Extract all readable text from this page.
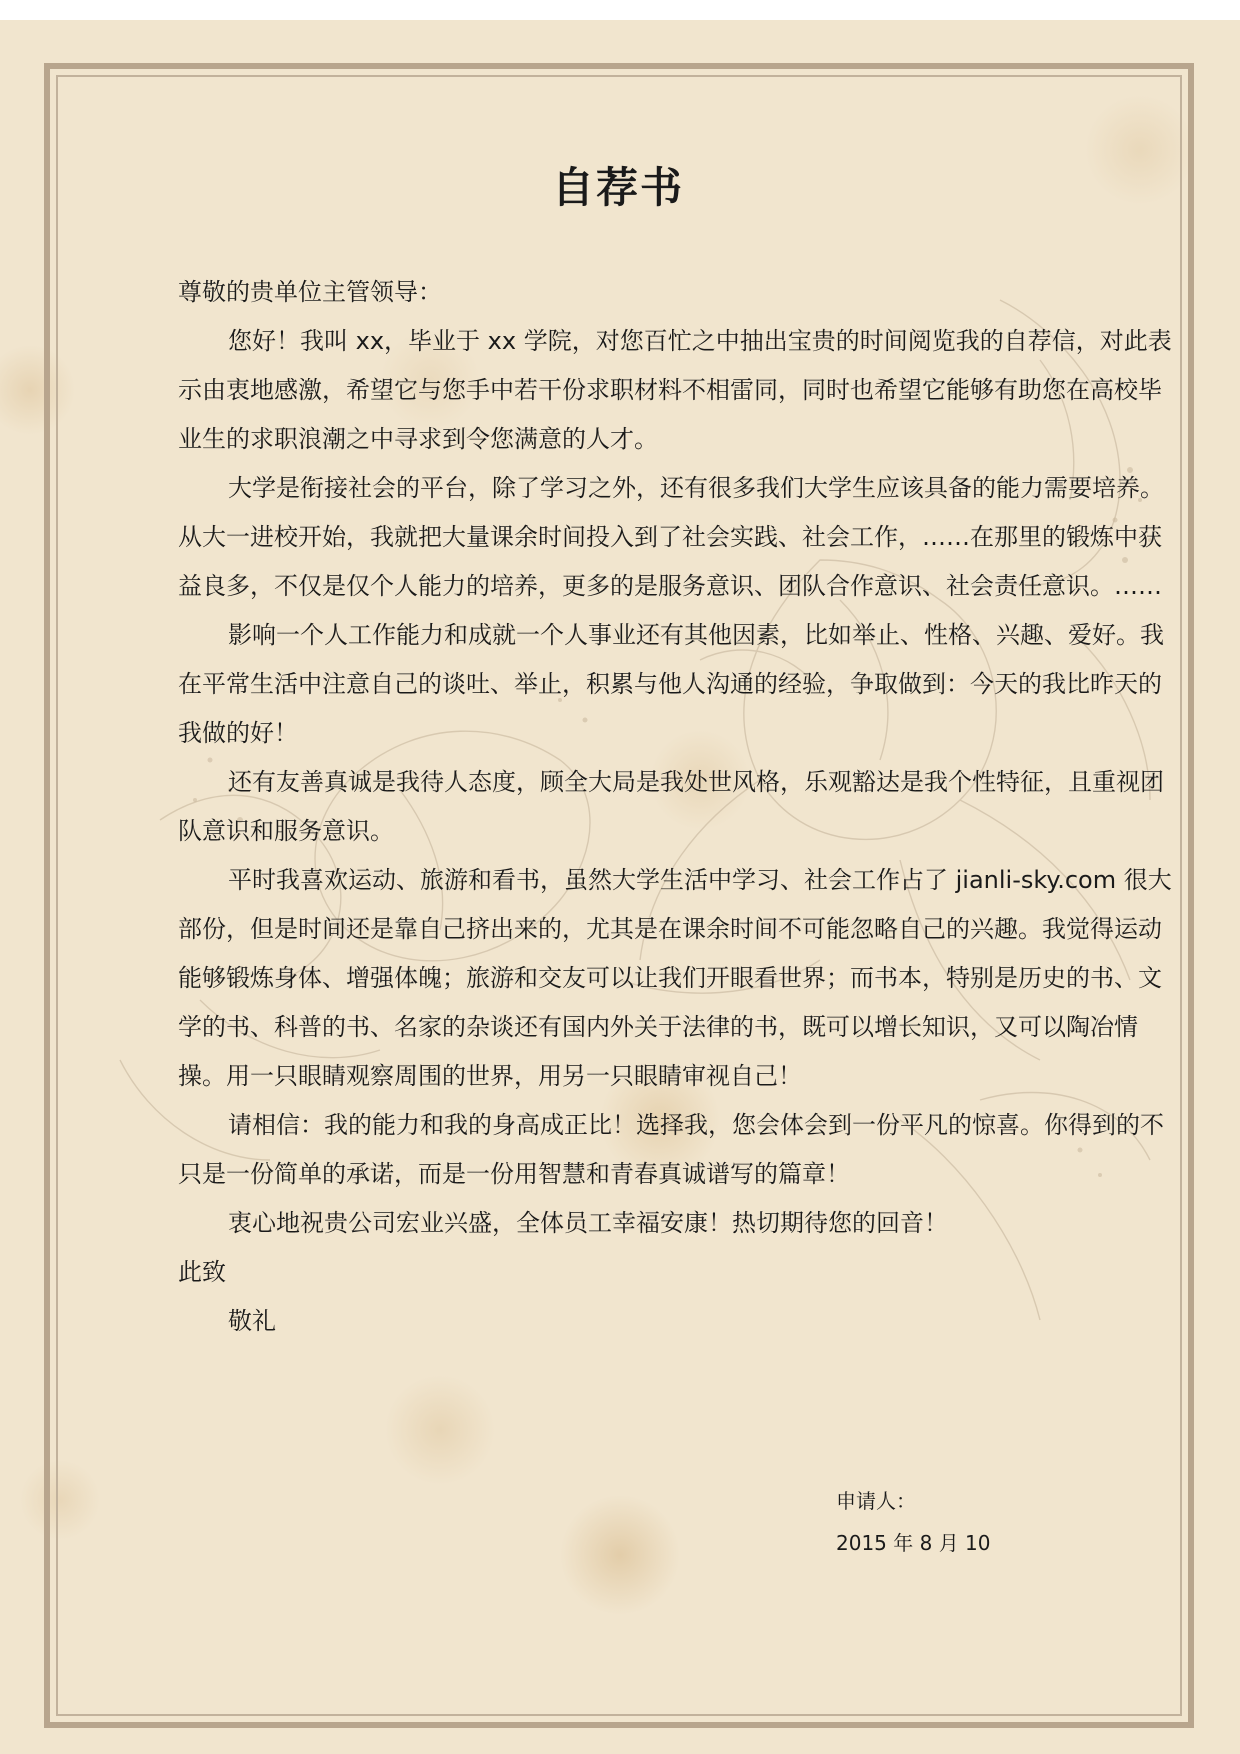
自荐书

尊敬的贵单位主管领导：

您好！我叫 xx，毕业于 xx 学院，对您百忙之中抽出宝贵的时间阅览我的自荐信，对此表示由衷地感激，希望它与您手中若干份求职材料不相雷同，同时也希望它能够有助您在高校毕业生的求职浪潮之中寻求到令您满意的人才。

大学是衔接社会的平台，除了学习之外，还有很多我们大学生应该具备的能力需要培养。从大一进校开始，我就把大量课余时间投入到了社会实践、社会工作，……在那里的锻炼中获益良多，不仅是仅个人能力的培养，更多的是服务意识、团队合作意识、社会责任意识。……

影响一个人工作能力和成就一个人事业还有其他因素，比如举止、性格、兴趣、爱好。我在平常生活中注意自己的谈吐、举止，积累与他人沟通的经验，争取做到：今天的我比昨天的我做的好！

还有友善真诚是我待人态度，顾全大局是我处世风格，乐观豁达是我个性特征，且重视团队意识和服务意识。

平时我喜欢运动、旅游和看书，虽然大学生活中学习、社会工作占了 jianli-sky.com 很大部份，但是时间还是靠自己挤出来的，尤其是在课余时间不可能忽略自己的兴趣。我觉得运动能够锻炼身体、增强体魄；旅游和交友可以让我们开眼看世界；而书本，特别是历史的书、文学的书、科普的书、名家的杂谈还有国内外关于法律的书，既可以增长知识，又可以陶冶情操。用一只眼睛观察周围的世界，用另一只眼睛审视自己！

请相信：我的能力和我的身高成正比！选择我，您会体会到一份平凡的惊喜。你得到的不只是一份简单的承诺，而是一份用智慧和青春真诚谱写的篇章！

衷心地祝贵公司宏业兴盛，全体员工幸福安康！热切期待您的回音！

此致

敬礼

申请人：
2015 年 8 月 10
